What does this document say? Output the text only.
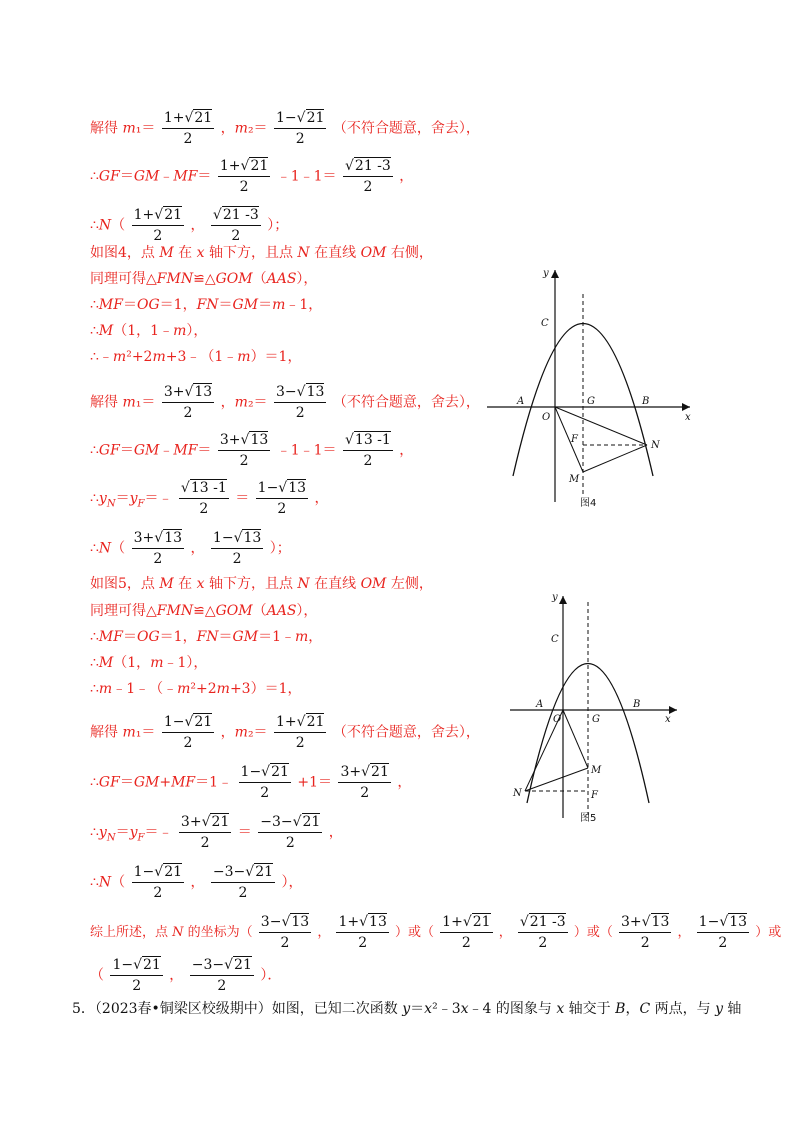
解得 $m_1= \frac{1+√21}{2}$ ，$m_2= \frac{1-√21}{2}$ （不符合题意，舍去），
∴GF＝GM﹣MF＝ $\frac{1+√21}{2}$ ﹣1﹣1＝ $\frac{√21 -3}{2}$ ，
∴N（ $\frac{1+√21}{2}$ ， $\frac{√21 -3}{2}$ ）；
如图4，点 M 在 x 轴下方，且点 N 在直线 OM 右侧，
同理可得△FMN≌△GOM（AAS），
∴MF＝OG＝1，FN＝GM＝m﹣1，
∴M（1，1﹣m），
∴﹣m²+2m+3﹣（1﹣m）＝1，
解得 $m_1= \frac{3+√13}{2}$ ，$m_2= \frac{3-√13}{2}$ （不符合题意，舍去），
∴GF＝GM﹣MF＝ $\frac{3+√13}{2}$ ﹣1﹣1＝ $\frac{√13 -1}{2}$ ，
$\therefore y_N=y_F=﹣ \frac{√13 -1}{2} = \frac{1-√13}{2}$ ，
∴N（ $\frac{3+√13}{2}$ ， $\frac{1-√13}{2}$ ）；
如图5，点 M 在 x 轴下方，且点 N 在直线 OM 左侧，
同理可得△FMN≌△GOM（AAS），
∴MF＝OG＝1，FN＝GM＝1﹣m，
∴M（1，m﹣1），
∴m﹣1﹣（﹣m²+2m+3）＝1，
解得 $m_1= \frac{1-√21}{2}$ ，$m_2= \frac{1+√21}{2}$ （不符合题意，舍去），
∴GF＝GM+MF＝1﹣ $\frac{1-√21}{2} +1= \frac{3+√21}{2}$ ，
$\therefore y_N=y_F=﹣ \frac{3+√21}{2} = \frac{-3-√21}{2}$ ，
∴N（ $\frac{1-√21}{2}$ ， $\frac{-3-√21}{2}$ ），
综上所述，点 N 的坐标为（ $\frac{3-√13}{2}$ ， $\frac{1+√13}{2}$ ）或（ $\frac{1+√21}{2}$ ， $\frac{√21 -3}{2}$ ）或（ $\frac{3+√13}{2}$ ， $\frac{1-√13}{2}$ ）或
（ $\frac{1-√21}{2}$ ， $\frac{-3-√21}{2}$ ）．
5．（2023春•铜梁区校级期中）如图，已知二次函数 y＝x²﹣3x﹣4 的图象与 x 轴交于 B，C 两点，与 y 轴
y
x
C
A
O
G	B
F
N
M
图4
y
x
C
A
O	G
B
M
N	F
图5
